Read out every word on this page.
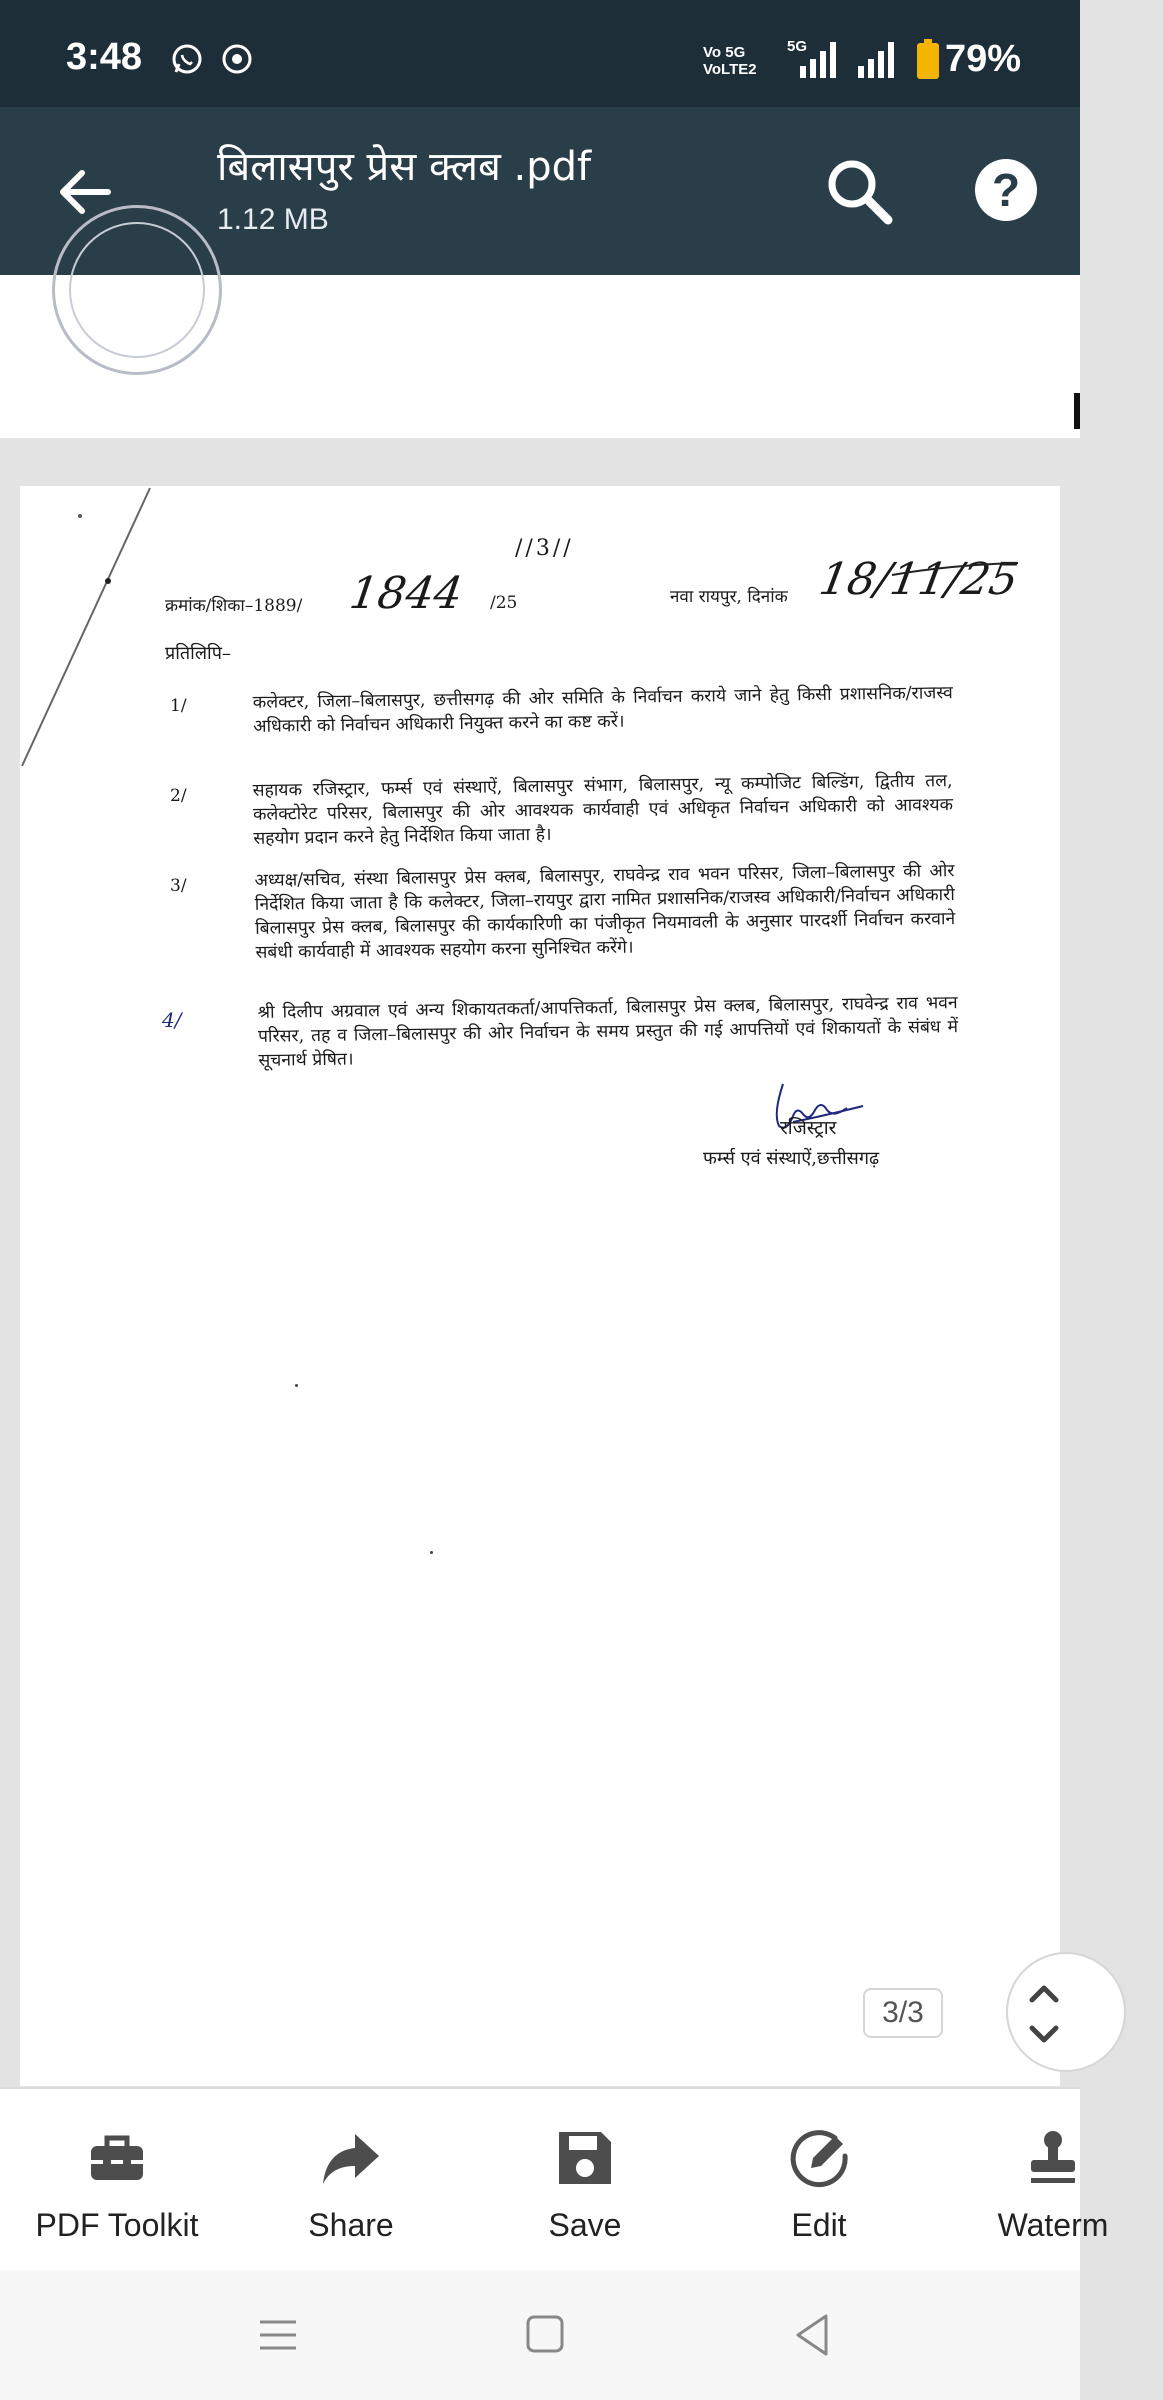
3:48	Vo 5G
VoLTE2
5G	79%
बिलासपुर प्रेस क्लब .pdf
1.12 MB
?
//3//
क्रमांक/शिका–1889/ 1844 /25	नवा रायपुर, दिनांक 18/11/25
प्रतिलिपि–
1/	कलेक्टर, जिला–बिलासपुर, छत्तीसगढ़ की ओर समिति के निर्वाचन कराये जाने हेतु किसी प्रशासनिक/राजस्व अधिकारी को निर्वाचन अधिकारी नियुक्त करने का कष्ट करें।
2/	सहायक रजिस्ट्रार, फर्म्स एवं संस्थाऐं, बिलासपुर संभाग, बिलासपुर, न्यू कम्पोजिट बिल्डिंग, द्वितीय तल, कलेक्टोरेट परिसर, बिलासपुर की ओर आवश्यक कार्यवाही एवं अधिकृत निर्वाचन अधिकारी को आवश्यक सहयोग प्रदान करने हेतु निर्देशित किया जाता है।
3/	अध्यक्ष/सचिव, संस्था बिलासपुर प्रेस क्लब, बिलासपुर, राघवेन्द्र राव भवन परिसर, जिला–बिलासपुर की ओर निर्देशित किया जाता है कि कलेक्टर, जिला–रायपुर द्वारा नामित प्रशासनिक/राजस्व अधिकारी/निर्वाचन अधिकारी बिलासपुर प्रेस क्लब, बिलासपुर की कार्यकारिणी का पंजीकृत नियमावली के अनुसार पारदर्शी निर्वाचन करवाने सबंधी कार्यवाही में आवश्यक सहयोग करना सुनिश्चित करेंगे।
4/	श्री दिलीप अग्रवाल एवं अन्य शिकायतकर्ता/आपत्तिकर्ता, बिलासपुर प्रेस क्लब, बिलासपुर, राघवेन्द्र राव भवन परिसर, तह व जिला–बिलासपुर की ओर निर्वाचन के समय प्रस्तुत की गई आपत्तियों एवं शिकायतों के संबंध में सूचनार्थ प्रेषित।
रजिस्ट्रार
फर्म्स एवं संस्थाऐं,छत्तीसगढ़
3/3
PDF Toolkit	Share	Save	Edit	Waterm
